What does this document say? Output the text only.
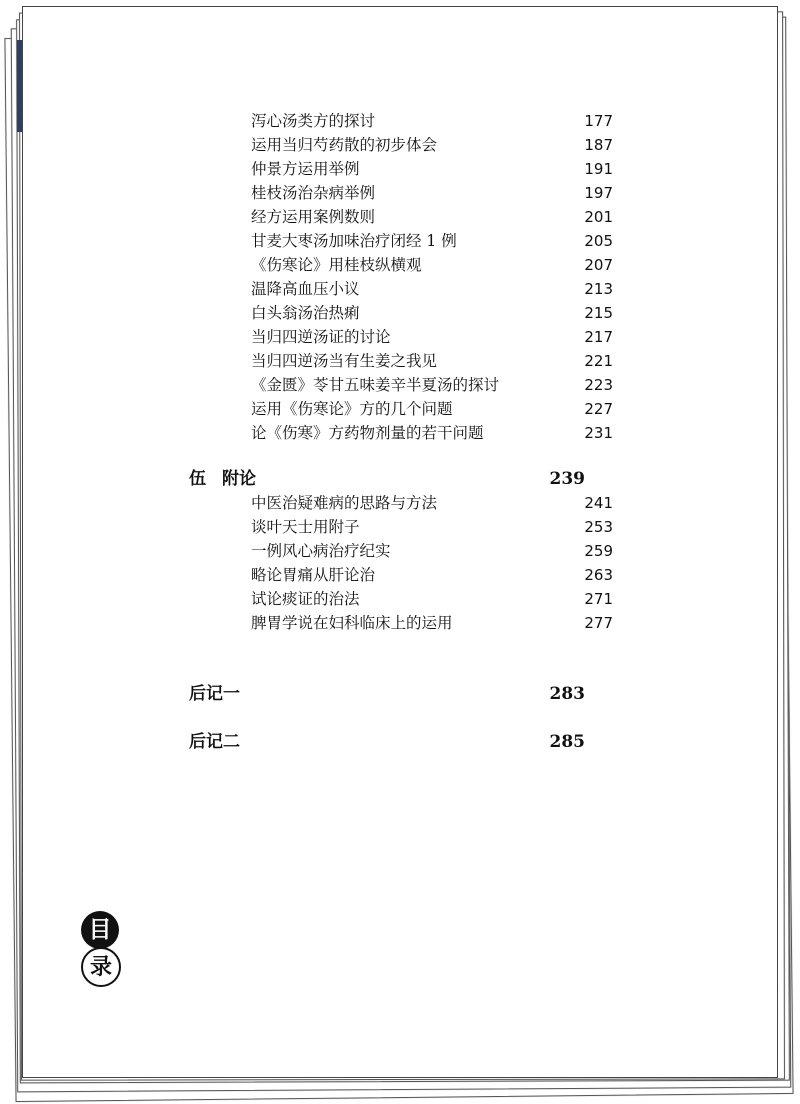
泻心汤类方的探讨	177
运用当归芍药散的初步体会	187
仲景方运用举例	191
桂枝汤治杂病举例	197
经方运用案例数则	201
甘麦大枣汤加味治疗闭经 1 例	205
《伤寒论》用桂枝纵横观	207
温降高血压小议	213
白头翁汤治热痢	215
当归四逆汤证的讨论	217
当归四逆汤当有生姜之我见	221
《金匮》苓甘五味姜辛半夏汤的探讨	223
运用《伤寒论》方的几个问题	227
论《伤寒》方药物剂量的若干问题	231
伍 附论	239
中医治疑难病的思路与方法	241
谈叶天士用附子	253
一例风心病治疗纪实	259
略论胃痛从肝论治	263
试论痰证的治法	271
脾胃学说在妇科临床上的运用	277
后记一	283
后记二	285
目
录
